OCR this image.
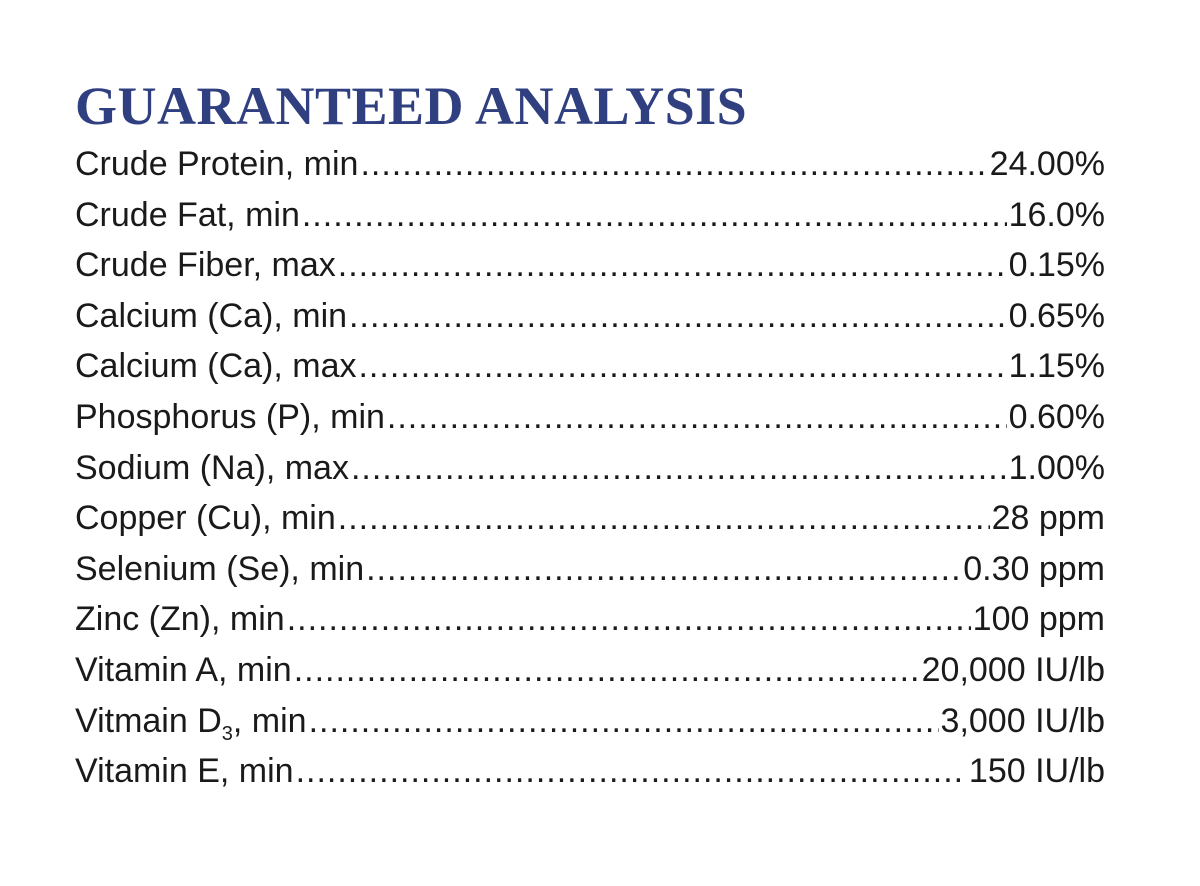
GUARANTEED ANALYSIS
Crude Protein, min .....	24.00%
Crude Fat, min .....	16.0%
Crude Fiber, max .....	0.15%
Calcium (Ca), min .....	0.65%
Calcium (Ca), max .....	1.15%
Phosphorus (P), min .....	0.60%
Sodium (Na), max .....	1.00%
Copper (Cu), min .....	28 ppm
Selenium (Se), min .....	0.30 ppm
Zinc (Zn), min .....	100 ppm
Vitamin A, min .....	20,000 IU/lb
Vitmain $D_3$, min .....	3,000 IU/lb
Vitamin E, min .....	150 IU/lb
